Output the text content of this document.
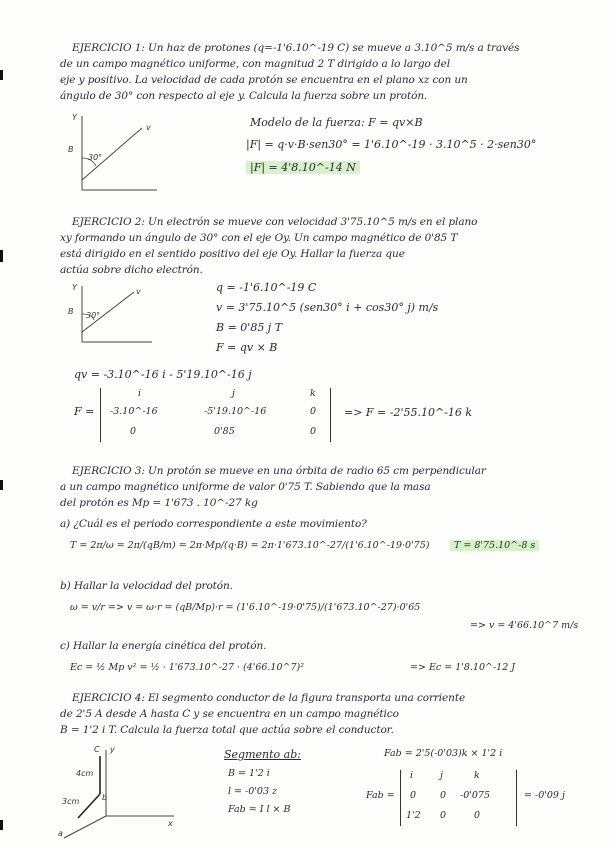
EJERCICIO 1: Un haz de protones (q=-1'6.10^-19 C) se mueve a 3.10^5 m/s a través
de un campo magnético uniforme, con magnitud 2 T dirigido a lo largo del
eje y positivo. La velocidad de cada protón se encuentra en el plano xz con un
ángulo de 30° con respecto al eje y. Calcula la fuerza sobre un protón.
Y
B
v
30°
Modelo de la fuerza: F = qv×B
|F| = q·v·B·sen30° = 1'6.10^-19 · 3.10^5 · 2·sen30°
|F| = 4'8.10^-14 N
EJERCICIO 2: Un electrón se mueve con velocidad 3'75.10^5 m/s en el plano
xy formando un ángulo de 30° con el eje Oy. Un campo magnético de 0'85 T
está dirigido en el sentido positivo del eje Oy. Hallar la fuerza que
actúa sobre dicho electrón.
Y
B
v
30°
q = -1'6.10^-19 C
v = 3'75.10^5 (sen30° i + cos30° j) m/s
B = 0'85 j T
F = qv × B
qv = -3.10^-16 i - 5'19.10^-16 j
F =
i	j	k
-3.10^-16	-5'19.10^-16	0
0	0'85	0
=> F = -2'55.10^-16 k
EJERCICIO 3: Un protón se mueve en una órbita de radio 65 cm perpendicular
a un campo magnético uniforme de valor 0'75 T. Sabiendo que la masa
del protón es Mp = 1'673 . 10^-27 kg
a) ¿Cuál es el periodo correspondiente a este movimiento?
T = 2π/ω = 2π/(qB/m) = 2π·Mp/(q·B) = 2π·1'673.10^-27/(1'6.10^-19·0'75)	T = 8'75.10^-8 s
b) Hallar la velocidad del protón.
ω = v/r => v = ω·r = (qB/Mp)·r = (1'6.10^-19·0'75)/(1'673.10^-27)·0'65
=> v = 4'66.10^7 m/s
c) Hallar la energía cinética del protón.
Ec = ½ Mp v² = ½ · 1'673.10^-27 · (4'66.10^7)²	=> Ec = 1'8.10^-12 J
EJERCICIO 4: El segmento conductor de la figura transporta una corriente
de 2'5 A desde A hasta C y se encuentra en un campo magnético
B = 1'2 i T. Calcula la fuerza total que actúa sobre el conductor.
C y
b
a
x
4cm
3cm
Segmento ab:
B = 1'2 i
l = -0'03 z
Fab = I l × B
Fab = 2'5(-0'03)k × 1'2 i
Fab =
i	j	k
0	0 -0'075
1'2 0	0
= -0'09 j
